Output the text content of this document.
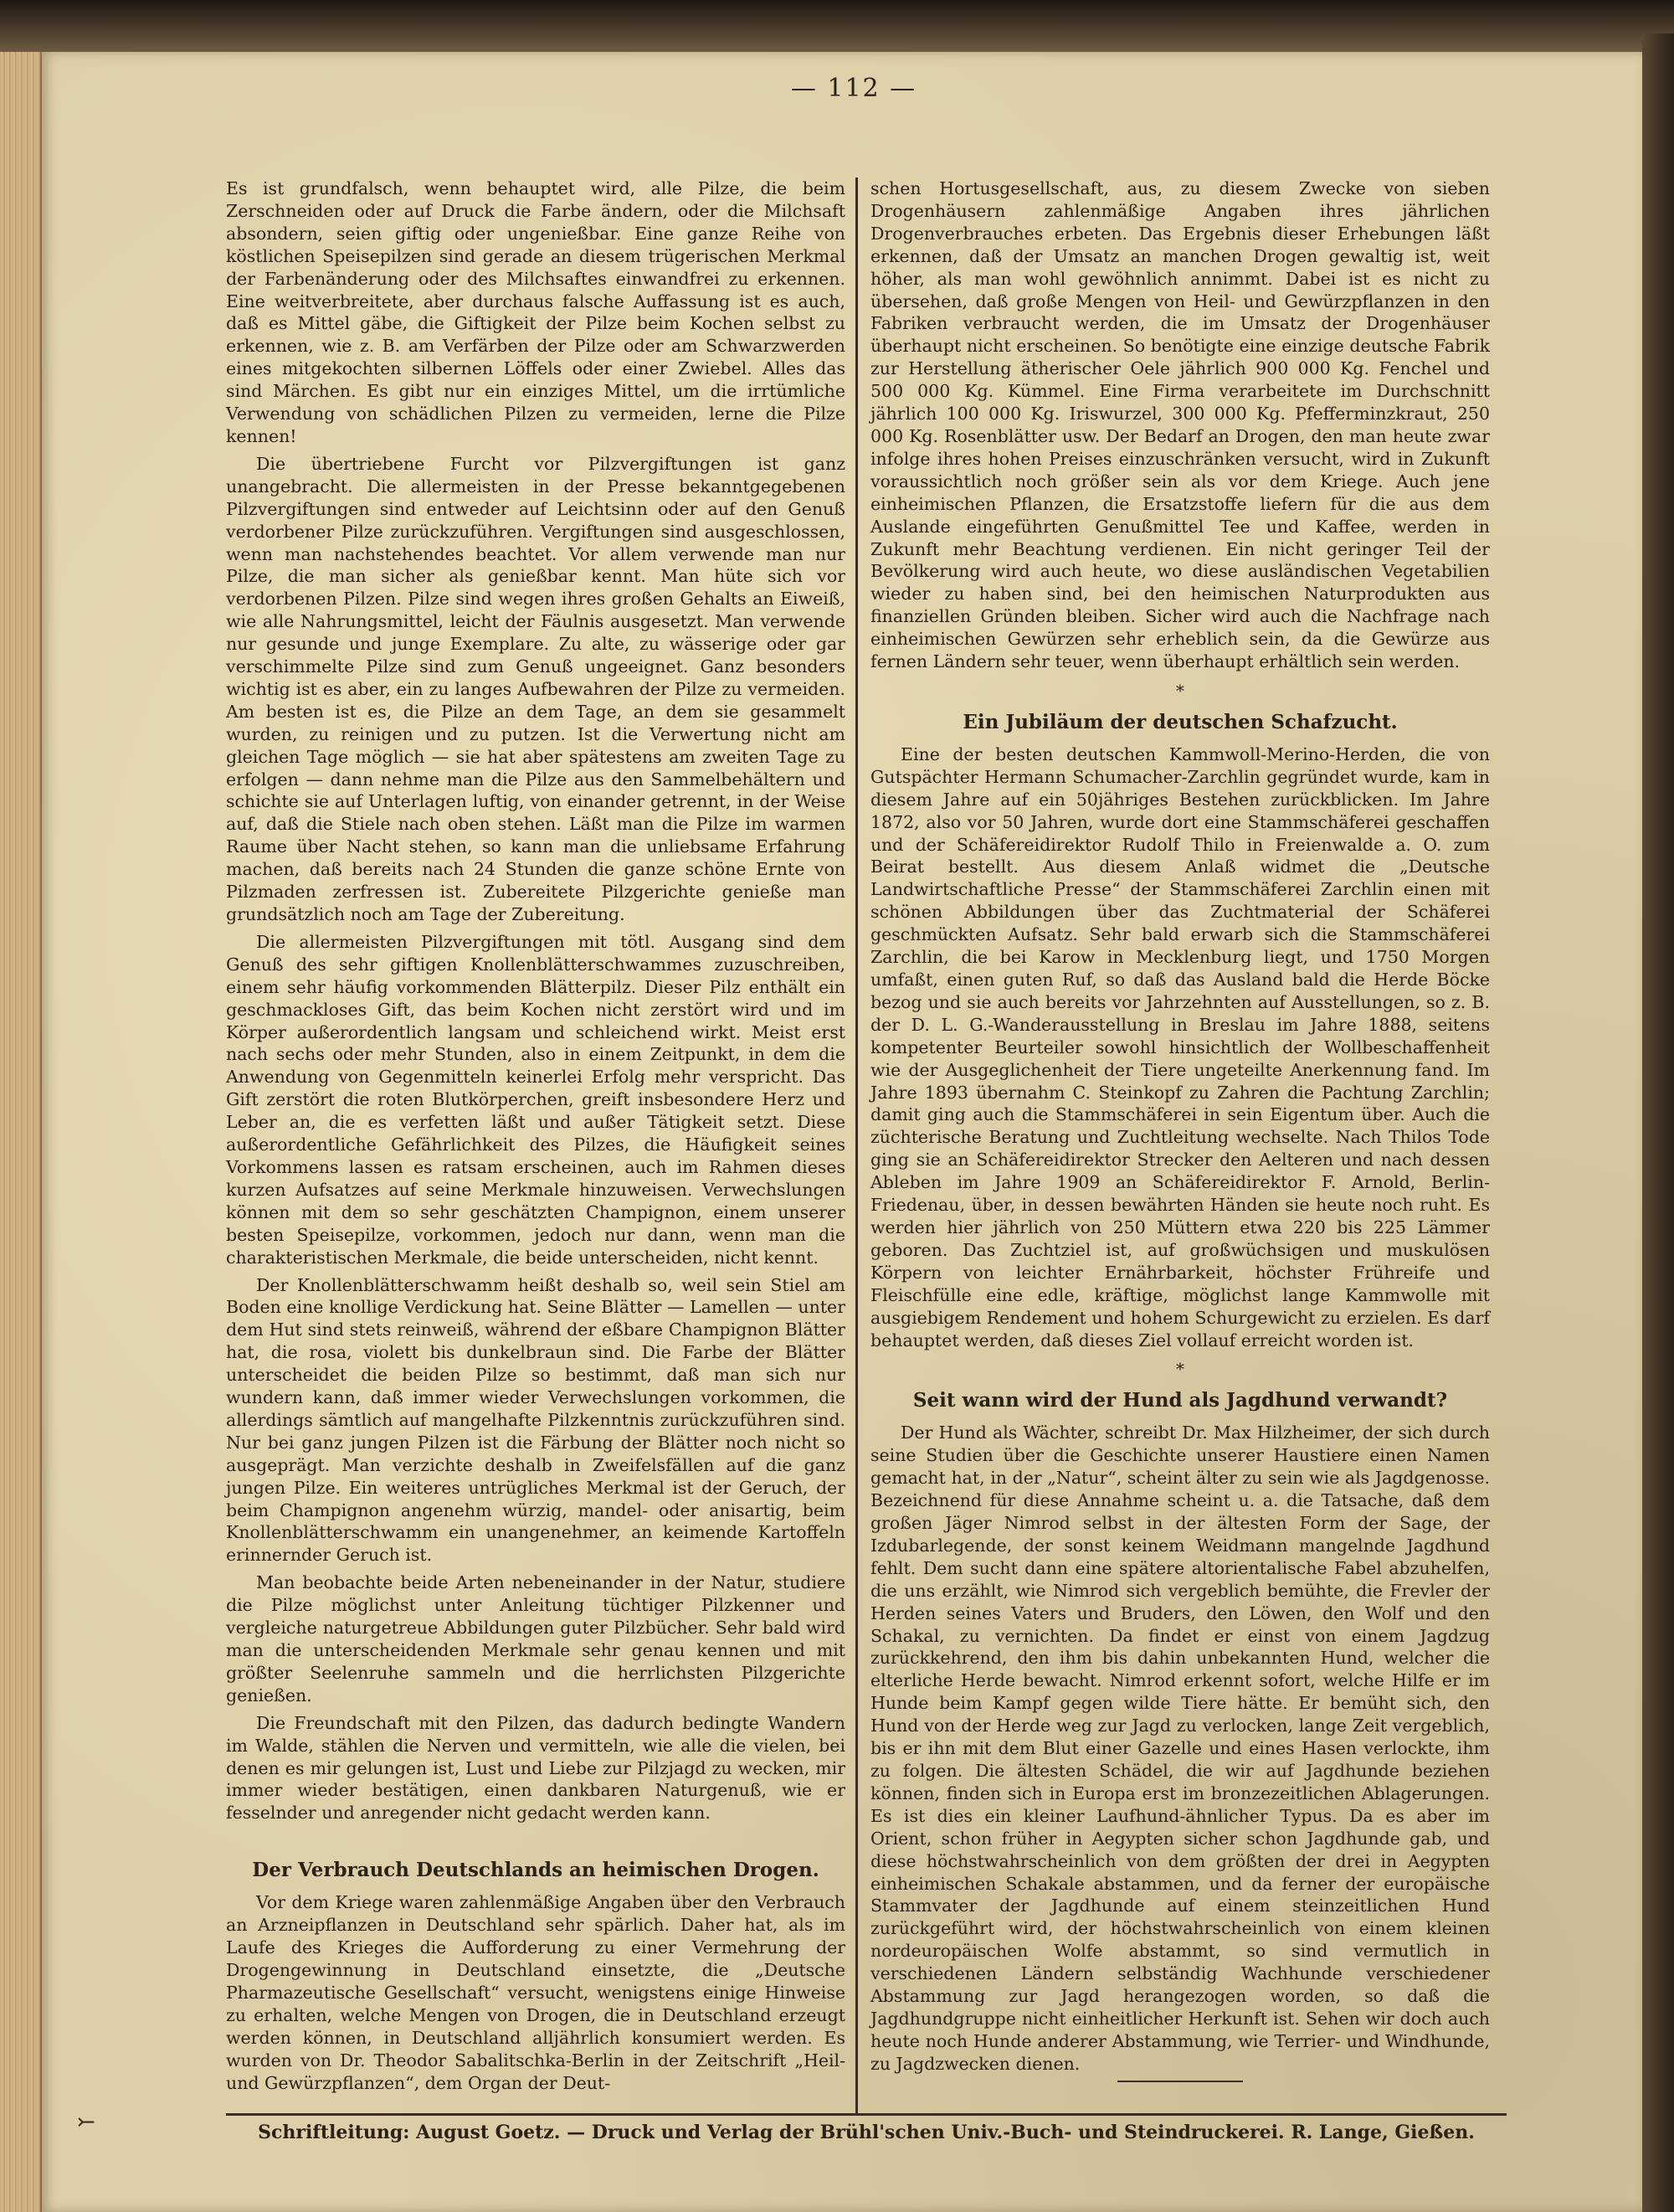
— 112 —

Es ist grundfalsch, wenn behauptet wird, alle Pilze, die beim Zerschneiden oder auf Druck die Farbe ändern, oder die Milchsaft absondern, seien giftig oder ungenießbar. Eine ganze Reihe von köstlichen Speisepilzen sind gerade an diesem trügerischen Merkmal der Farbenänderung oder des Milchsaftes einwandfrei zu erkennen. Eine weitverbreitete, aber durchaus falsche Auffassung ist es auch, daß es Mittel gäbe, die Giftigkeit der Pilze beim Kochen selbst zu erkennen, wie z. B. am Verfärben der Pilze oder am Schwarzwerden eines mitgekochten silbernen Löffels oder einer Zwiebel. Alles das sind Märchen. Es gibt nur ein einziges Mittel, um die irrtümliche Verwendung von schädlichen Pilzen zu vermeiden, lerne die Pilze kennen!

Die übertriebene Furcht vor Pilzvergiftungen ist ganz unangebracht. Die allermeisten in der Presse bekanntgegebenen Pilzvergiftungen sind entweder auf Leichtsinn oder auf den Genuß verdorbener Pilze zurückzuführen. Vergiftungen sind ausgeschlossen, wenn man nachstehendes beachtet. Vor allem verwende man nur Pilze, die man sicher als genießbar kennt. Man hüte sich vor verdorbenen Pilzen. Pilze sind wegen ihres großen Gehalts an Eiweiß, wie alle Nahrungsmittel, leicht der Fäulnis ausgesetzt. Man verwende nur gesunde und junge Exemplare. Zu alte, zu wässerige oder gar verschimmelte Pilze sind zum Genuß ungeeignet. Ganz besonders wichtig ist es aber, ein zu langes Aufbewahren der Pilze zu vermeiden. Am besten ist es, die Pilze an dem Tage, an dem sie gesammelt wurden, zu reinigen und zu putzen. Ist die Verwertung nicht am gleichen Tage möglich — sie hat aber spätestens am zweiten Tage zu erfolgen — dann nehme man die Pilze aus den Sammelbehältern und schichte sie auf Unterlagen luftig, von einander getrennt, in der Weise auf, daß die Stiele nach oben stehen. Läßt man die Pilze im warmen Raume über Nacht stehen, so kann man die unliebsame Erfahrung machen, daß bereits nach 24 Stunden die ganze schöne Ernte von Pilzmaden zerfressen ist. Zubereitete Pilzgerichte genieße man grundsätzlich noch am Tage der Zubereitung.

Die allermeisten Pilzvergiftungen mit tötl. Ausgang sind dem Genuß des sehr giftigen Knollenblätterschwammes zuzuschreiben, einem sehr häufig vorkommenden Blätterpilz. Dieser Pilz enthält ein geschmackloses Gift, das beim Kochen nicht zerstört wird und im Körper außerordentlich langsam und schleichend wirkt. Meist erst nach sechs oder mehr Stunden, also in einem Zeitpunkt, in dem die Anwendung von Gegenmitteln keinerlei Erfolg mehr verspricht. Das Gift zerstört die roten Blutkörperchen, greift insbesondere Herz und Leber an, die es verfetten läßt und außer Tätigkeit setzt. Diese außerordentliche Gefährlichkeit des Pilzes, die Häufigkeit seines Vorkommens lassen es ratsam erscheinen, auch im Rahmen dieses kurzen Aufsatzes auf seine Merkmale hinzuweisen. Verwechslungen können mit dem so sehr geschätzten Champignon, einem unserer besten Speisepilze, vorkommen, jedoch nur dann, wenn man die charakteristischen Merkmale, die beide unterscheiden, nicht kennt.

Der Knollenblätterschwamm heißt deshalb so, weil sein Stiel am Boden eine knollige Verdickung hat. Seine Blätter — Lamellen — unter dem Hut sind stets reinweiß, während der eßbare Champignon Blätter hat, die rosa, violett bis dunkelbraun sind. Die Farbe der Blätter unterscheidet die beiden Pilze so bestimmt, daß man sich nur wundern kann, daß immer wieder Verwechslungen vorkommen, die allerdings sämtlich auf mangelhafte Pilzkenntnis zurückzuführen sind. Nur bei ganz jungen Pilzen ist die Färbung der Blätter noch nicht so ausgeprägt. Man verzichte deshalb in Zweifelsfällen auf die ganz jungen Pilze. Ein weiteres untrügliches Merkmal ist der Geruch, der beim Champignon angenehm würzig, mandel- oder anisartig, beim Knollenblätterschwamm ein unangenehmer, an keimende Kartoffeln erinnernder Geruch ist.

Man beobachte beide Arten nebeneinander in der Natur, studiere die Pilze möglichst unter Anleitung tüchtiger Pilzkenner und vergleiche naturgetreue Abbildungen guter Pilzbücher. Sehr bald wird man die unterscheidenden Merkmale sehr genau kennen und mit größter Seelenruhe sammeln und die herrlichsten Pilzgerichte genießen.

Die Freundschaft mit den Pilzen, das dadurch bedingte Wandern im Walde, stählen die Nerven und vermitteln, wie alle die vielen, bei denen es mir gelungen ist, Lust und Liebe zur Pilzjagd zu wecken, mir immer wieder bestätigen, einen dankbaren Naturgenuß, wie er fesselnder und anregender nicht gedacht werden kann.

Der Verbrauch Deutschlands an heimischen Drogen.

Vor dem Kriege waren zahlenmäßige Angaben über den Verbrauch an Arzneipflanzen in Deutschland sehr spärlich. Daher hat, als im Laufe des Krieges die Aufforderung zu einer Vermehrung der Drogengewinnung in Deutschland einsetzte, die „Deutsche Pharmazeutische Gesellschaft“ versucht, wenigstens einige Hinweise zu erhalten, welche Mengen von Drogen, die in Deutschland erzeugt werden können, in Deutschland alljährlich konsumiert werden. Es wurden von Dr. Theodor Sabalitschka-Berlin in der Zeitschrift „Heil- und Gewürzpflanzen“, dem Organ der Deut-

schen Hortusgesellschaft, aus, zu diesem Zwecke von sieben Drogenhäusern zahlenmäßige Angaben ihres jährlichen Drogenverbrauches erbeten. Das Ergebnis dieser Erhebungen läßt erkennen, daß der Umsatz an manchen Drogen gewaltig ist, weit höher, als man wohl gewöhnlich annimmt. Dabei ist es nicht zu übersehen, daß große Mengen von Heil- und Gewürzpflanzen in den Fabriken verbraucht werden, die im Umsatz der Drogenhäuser überhaupt nicht erscheinen. So benötigte eine einzige deutsche Fabrik zur Herstellung ätherischer Oele jährlich 900 000 Kg. Fenchel und 500 000 Kg. Kümmel. Eine Firma verarbeitete im Durchschnitt jährlich 100 000 Kg. Iriswurzel, 300 000 Kg. Pfefferminzkraut, 250 000 Kg. Rosenblätter usw. Der Bedarf an Drogen, den man heute zwar infolge ihres hohen Preises einzuschränken versucht, wird in Zukunft voraussichtlich noch größer sein als vor dem Kriege. Auch jene einheimischen Pflanzen, die Ersatzstoffe liefern für die aus dem Auslande eingeführten Genußmittel Tee und Kaffee, werden in Zukunft mehr Beachtung verdienen. Ein nicht geringer Teil der Bevölkerung wird auch heute, wo diese ausländischen Vegetabilien wieder zu haben sind, bei den heimischen Naturprodukten aus finanziellen Gründen bleiben. Sicher wird auch die Nachfrage nach einheimischen Gewürzen sehr erheblich sein, da die Gewürze aus fernen Ländern sehr teuer, wenn überhaupt erhältlich sein werden.

*
Ein Jubiläum der deutschen Schafzucht.

Eine der besten deutschen Kammwoll-Merino-Herden, die von Gutspächter Hermann Schumacher-Zarchlin gegründet wurde, kam in diesem Jahre auf ein 50jähriges Bestehen zurückblicken. Im Jahre 1872, also vor 50 Jahren, wurde dort eine Stammschäferei geschaffen und der Schäfereidirektor Rudolf Thilo in Freienwalde a. O. zum Beirat bestellt. Aus diesem Anlaß widmet die „Deutsche Landwirtschaftliche Presse“ der Stammschäferei Zarchlin einen mit schönen Abbildungen über das Zuchtmaterial der Schäferei geschmückten Aufsatz. Sehr bald erwarb sich die Stammschäferei Zarchlin, die bei Karow in Mecklenburg liegt, und 1750 Morgen umfaßt, einen guten Ruf, so daß das Ausland bald die Herde Böcke bezog und sie auch bereits vor Jahrzehnten auf Ausstellungen, so z. B. der D. L. G.-Wanderausstellung in Breslau im Jahre 1888, seitens kompetenter Beurteiler sowohl hinsichtlich der Wollbeschaffenheit wie der Ausgeglichenheit der Tiere ungeteilte Anerkennung fand. Im Jahre 1893 übernahm C. Steinkopf zu Zahren die Pachtung Zarchlin; damit ging auch die Stammschäferei in sein Eigentum über. Auch die züchterische Beratung und Zuchtleitung wechselte. Nach Thilos Tode ging sie an Schäfereidirektor Strecker den Aelteren und nach dessen Ableben im Jahre 1909 an Schäfereidirektor F. Arnold, Berlin-Friedenau, über, in dessen bewährten Händen sie heute noch ruht. Es werden hier jährlich von 250 Müttern etwa 220 bis 225 Lämmer geboren. Das Zuchtziel ist, auf großwüchsigen und muskulösen Körpern von leichter Ernährbarkeit, höchster Frühreife und Fleischfülle eine edle, kräftige, möglichst lange Kammwolle mit ausgiebigem Rendement und hohem Schurgewicht zu erzielen. Es darf behauptet werden, daß dieses Ziel vollauf erreicht worden ist.

*
Seit wann wird der Hund als Jagdhund verwandt?

Der Hund als Wächter, schreibt Dr. Max Hilzheimer, der sich durch seine Studien über die Geschichte unserer Haustiere einen Namen gemacht hat, in der „Natur“, scheint älter zu sein wie als Jagdgenosse. Bezeichnend für diese Annahme scheint u. a. die Tatsache, daß dem großen Jäger Nimrod selbst in der ältesten Form der Sage, der Izdubarlegende, der sonst keinem Weidmann mangelnde Jagdhund fehlt. Dem sucht dann eine spätere altorientalische Fabel abzuhelfen, die uns erzählt, wie Nimrod sich vergeblich bemühte, die Frevler der Herden seines Vaters und Bruders, den Löwen, den Wolf und den Schakal, zu vernichten. Da findet er einst von einem Jagdzug zurückkehrend, den ihm bis dahin unbekannten Hund, welcher die elterliche Herde bewacht. Nimrod erkennt sofort, welche Hilfe er im Hunde beim Kampf gegen wilde Tiere hätte. Er bemüht sich, den Hund von der Herde weg zur Jagd zu verlocken, lange Zeit vergeblich, bis er ihn mit dem Blut einer Gazelle und eines Hasen verlockte, ihm zu folgen. Die ältesten Schädel, die wir auf Jagdhunde beziehen können, finden sich in Europa erst im bronzezeitlichen Ablagerungen. Es ist dies ein kleiner Laufhund-ähnlicher Typus. Da es aber im Orient, schon früher in Aegypten sicher schon Jagdhunde gab, und diese höchstwahrscheinlich von dem größten der drei in Aegypten einheimischen Schakale abstammen, und da ferner der europäische Stammvater der Jagdhunde auf einem steinzeitlichen Hund zurückgeführt wird, der höchstwahrscheinlich von einem kleinen nordeuropäischen Wolfe abstammt, so sind vermutlich in verschiedenen Ländern selbständig Wachhunde verschiedener Abstammung zur Jagd herangezogen worden, so daß die Jagdhundgruppe nicht einheitlicher Herkunft ist. Sehen wir doch auch heute noch Hunde anderer Abstammung, wie Terrier- und Windhunde, zu Jagdzwecken dienen.

Schriftleitung: August Goetz. — Druck und Verlag der Brühl'schen Univ.-Buch- und Steindruckerei. R. Lange, Gießen.
⤚
